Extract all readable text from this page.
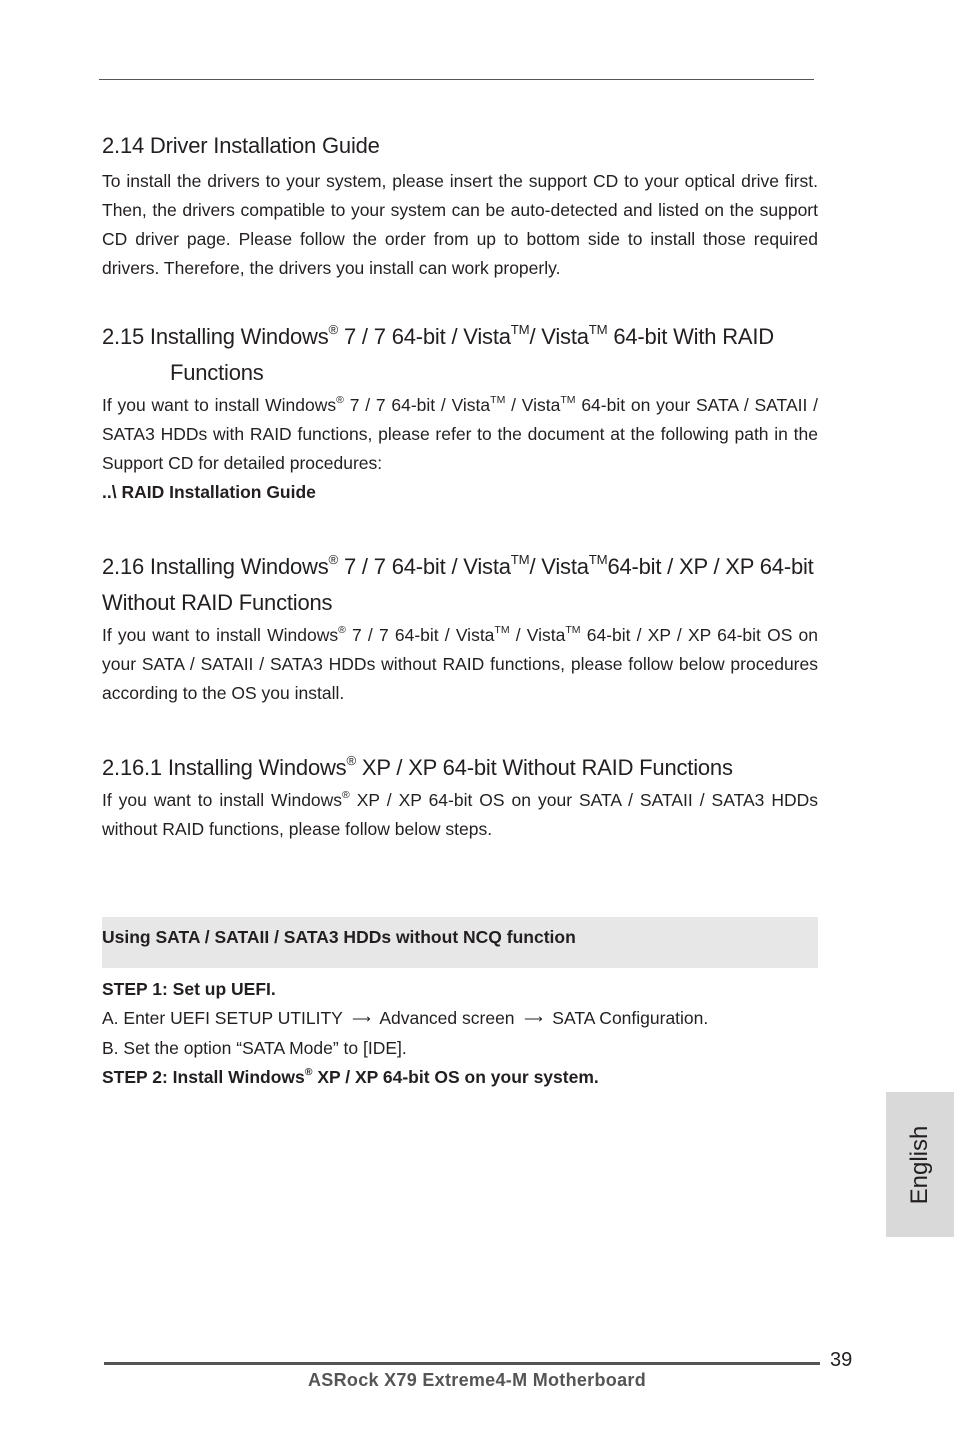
2.14 Driver Installation Guide

To install the drivers to your system, please insert the support CD to your optical drive first. Then, the drivers compatible to your system can be auto-detected and listed on the support CD driver page. Please follow the order from up to bottom side to install those required drivers. Therefore, the drivers you install can work properly.

2.15 Installing Windows® 7 / 7 64-bit / Vista™/ Vista™ 64-bit With RAID
Functions

If you want to install Windows® 7 / 7 64-bit / Vista™ / Vista™ 64-bit on your SATA / SATAII / SATA3 HDDs with RAID functions, please refer to the document at the following path in the Support CD for detailed procedures:

..\ RAID Installation Guide

2.16 Installing Windows® 7 / 7 64-bit / Vista™/ Vista™64-bit / XP / XP 64-bit Without RAID Functions

If you want to install Windows® 7 / 7 64-bit / Vista™ / Vista™ 64-bit / XP / XP 64-bit OS on your SATA / SATAII / SATA3 HDDs without RAID functions, please follow below procedures according to the OS you install.

2.16.1 Installing Windows® XP / XP 64-bit Without RAID Functions

If you want to install Windows® XP / XP 64-bit OS on your SATA / SATAII / SATA3 HDDs without RAID functions, please follow below steps.

Using SATA / SATAII / SATA3 HDDs without NCQ function

STEP 1: Set up UEFI.

A. Enter UEFI SETUP UTILITY ⟶ Advanced screen ⟶ SATA Configuration.

B. Set the option “SATA Mode” to [IDE].

STEP 2: Install Windows® XP / XP 64-bit OS on your system.

English
39
ASRock X79 Extreme4-M Motherboard
